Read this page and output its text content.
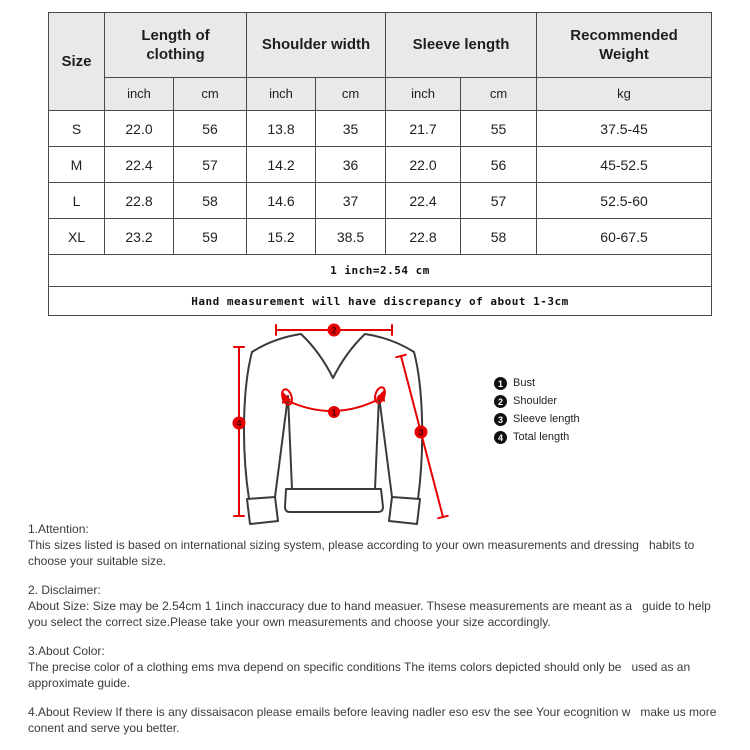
Size	Length of clothing		Shoulder width		Sleeve length		Recommended Weight
	inch	cm	inch	cm	inch	cm	kg
S	22.0	56	13.8	35	21.7	55	37.5-45
M	22.4	57	14.2	36	22.0	56	45-52.5
L	22.8	58	14.6	37	22.4	57	52.5-60
XL	23.2	59	15.2	38.5	22.8	58	60-67.5
1 inch=2.54 cm							
Hand measurement will have discrepancy of about 1-3cm							
2
4
3
1
1 Bust
2 Shoulder
3 Sleeve length
4 Total length
1.Attention:
This sizes listed is based on international sizing system, please according to your own measurements and dressing   habits to choose your suitable size.
2. Disclaimer:
About Size: Size may be 2.54cm 1 1inch inaccuracy due to hand measuer. Thsese measurements are meant as a   guide to help you select the correct size.Please take your own measurements and choose your size accordingly.
3.About Color:
The precise color of a clothing ems mva depend on specific conditions The items colors depicted should only be   used as an approximate guide.
4.About Review If there is any dissaisacon please emails before leaving nadler eso esv the see Your ecognition w   make us more conent and serve you better.
